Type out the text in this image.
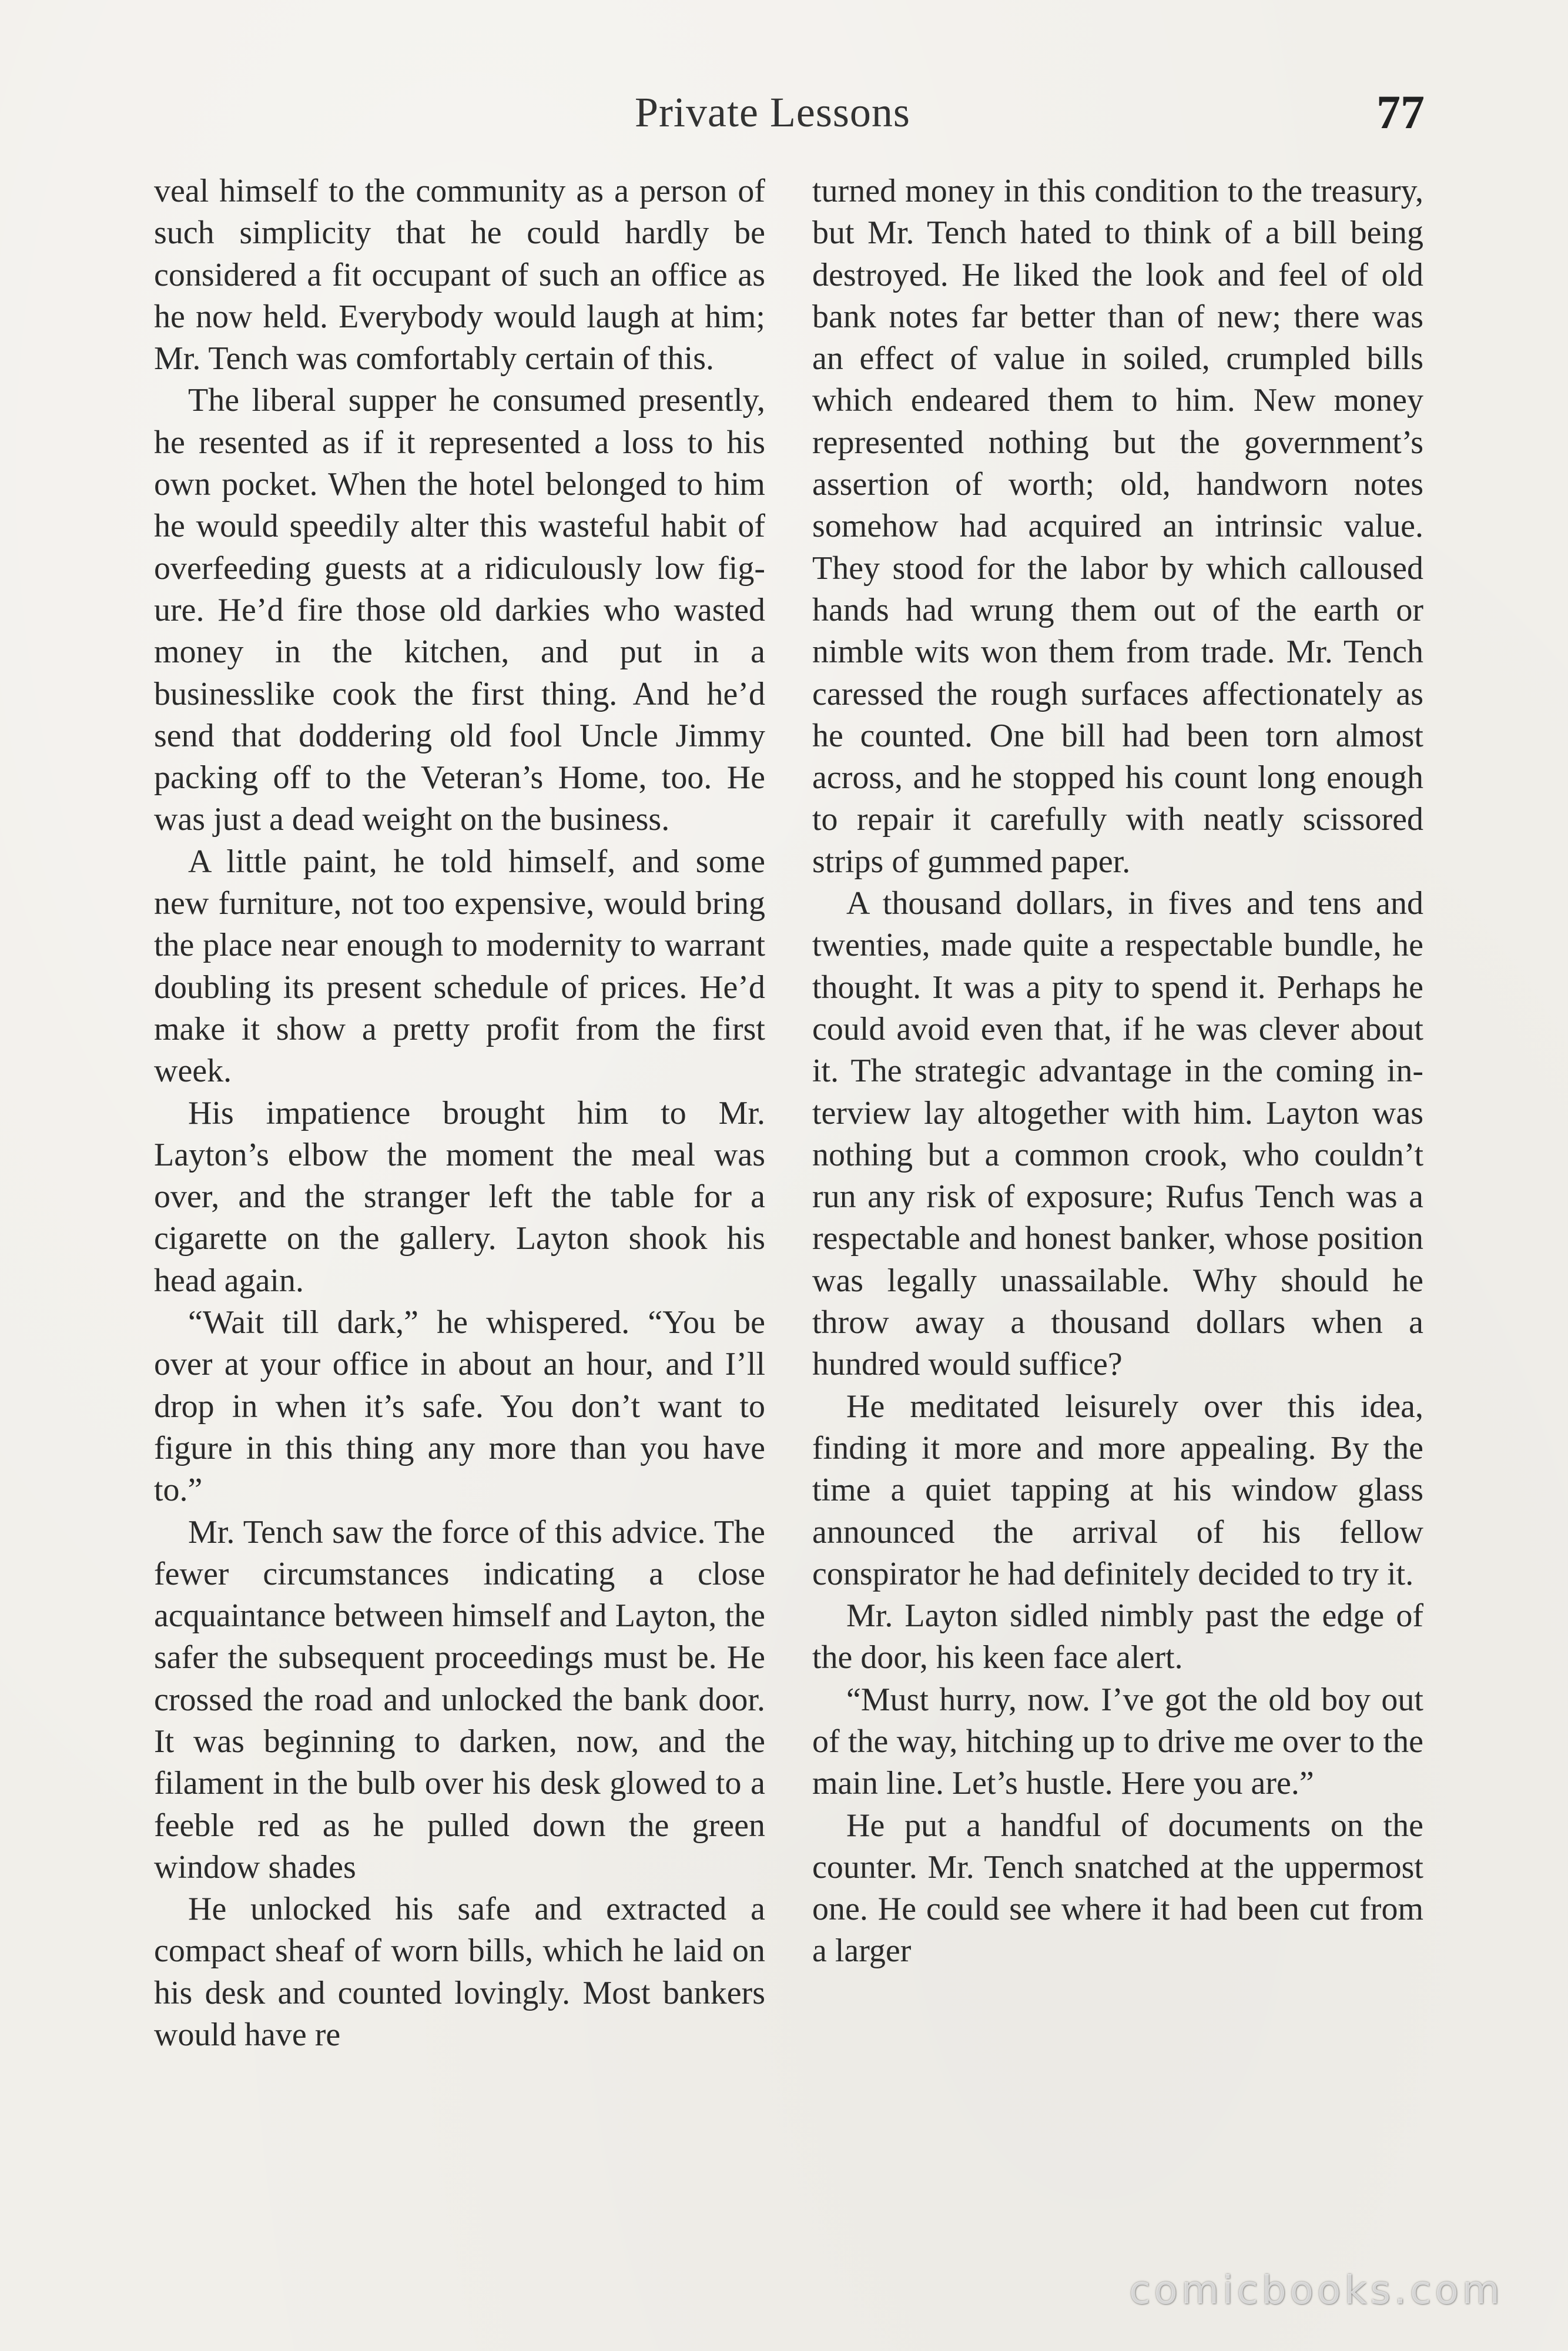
Private Lessons	77

veal himself to the community as a person of such simplicity that he could hardly be considered a fit occupant of such an office as he now held. Everybody would laugh at him; Mr. Tench was comfortably certain of this.

The liberal supper he consumed presently, he resented as if it represented a loss to his own pocket. When the hotel belonged to him he would speedily alter this wasteful habit of overfeeding guests at a ridiculously low figure. He’d fire those old darkies who wasted money in the kitchen, and put in a businesslike cook the first thing. And he’d send that doddering old fool Uncle Jimmy packing off to the Veteran’s Home, too. He was just a dead weight on the business.

A little paint, he told himself, and some new furniture, not too expensive, would bring the place near enough to modernity to warrant doubling its present schedule of prices. He’d make it show a pretty profit from the first week.

His impatience brought him to Mr. Layton’s elbow the moment the meal was over, and the stranger left the table for a cigarette on the gallery. Layton shook his head again.

“Wait till dark,” he whispered. “You be over at your office in about an hour, and I’ll drop in when it’s safe. You don’t want to figure in this thing any more than you have to.”

Mr. Tench saw the force of this advice. The fewer circumstances indicating a close acquaintance between himself and Layton, the safer the subsequent proceedings must be. He crossed the road and unlocked the bank door. It was beginning to darken, now, and the filament in the bulb over his desk glowed to a feeble red as he pulled down the green window shades

He unlocked his safe and extracted a compact sheaf of worn bills, which he laid on his desk and counted lovingly. Most bankers would have re

turned money in this condition to the treasury, but Mr. Tench hated to think of a bill being destroyed. He liked the look and feel of old bank notes far better than of new; there was an effect of value in soiled, crumpled bills which endeared them to him. New money represented nothing but the government’s assertion of worth; old, handworn notes somehow had acquired an intrinsic value. They stood for the labor by which calloused hands had wrung them out of the earth or nimble wits won them from trade. Mr. Tench caressed the rough surfaces affectionately as he counted. One bill had been torn almost across, and he stopped his count long enough to repair it carefully with neatly scissored strips of gummed paper.

A thousand dollars, in fives and tens and twenties, made quite a respectable bundle, he thought. It was a pity to spend it. Perhaps he could avoid even that, if he was clever about it. The strategic advantage in the coming interview lay altogether with him. Layton was nothing but a common crook, who couldn’t run any risk of exposure; Rufus Tench was a respectable and honest banker, whose position was legally unassailable. Why should he throw away a thousand dollars when a hundred would suffice?

He meditated leisurely over this idea, finding it more and more appealing. By the time a quiet tapping at his window glass announced the arrival of his fellow conspirator he had definitely decided to try it.

Mr. Layton sidled nimbly past the edge of the door, his keen face alert.

“Must hurry, now. I’ve got the old boy out of the way, hitching up to drive me over to the main line. Let’s hustle. Here you are.”

He put a handful of documents on the counter. Mr. Tench snatched at the uppermost one. He could see where it had been cut from a larger

comicbooks.com
